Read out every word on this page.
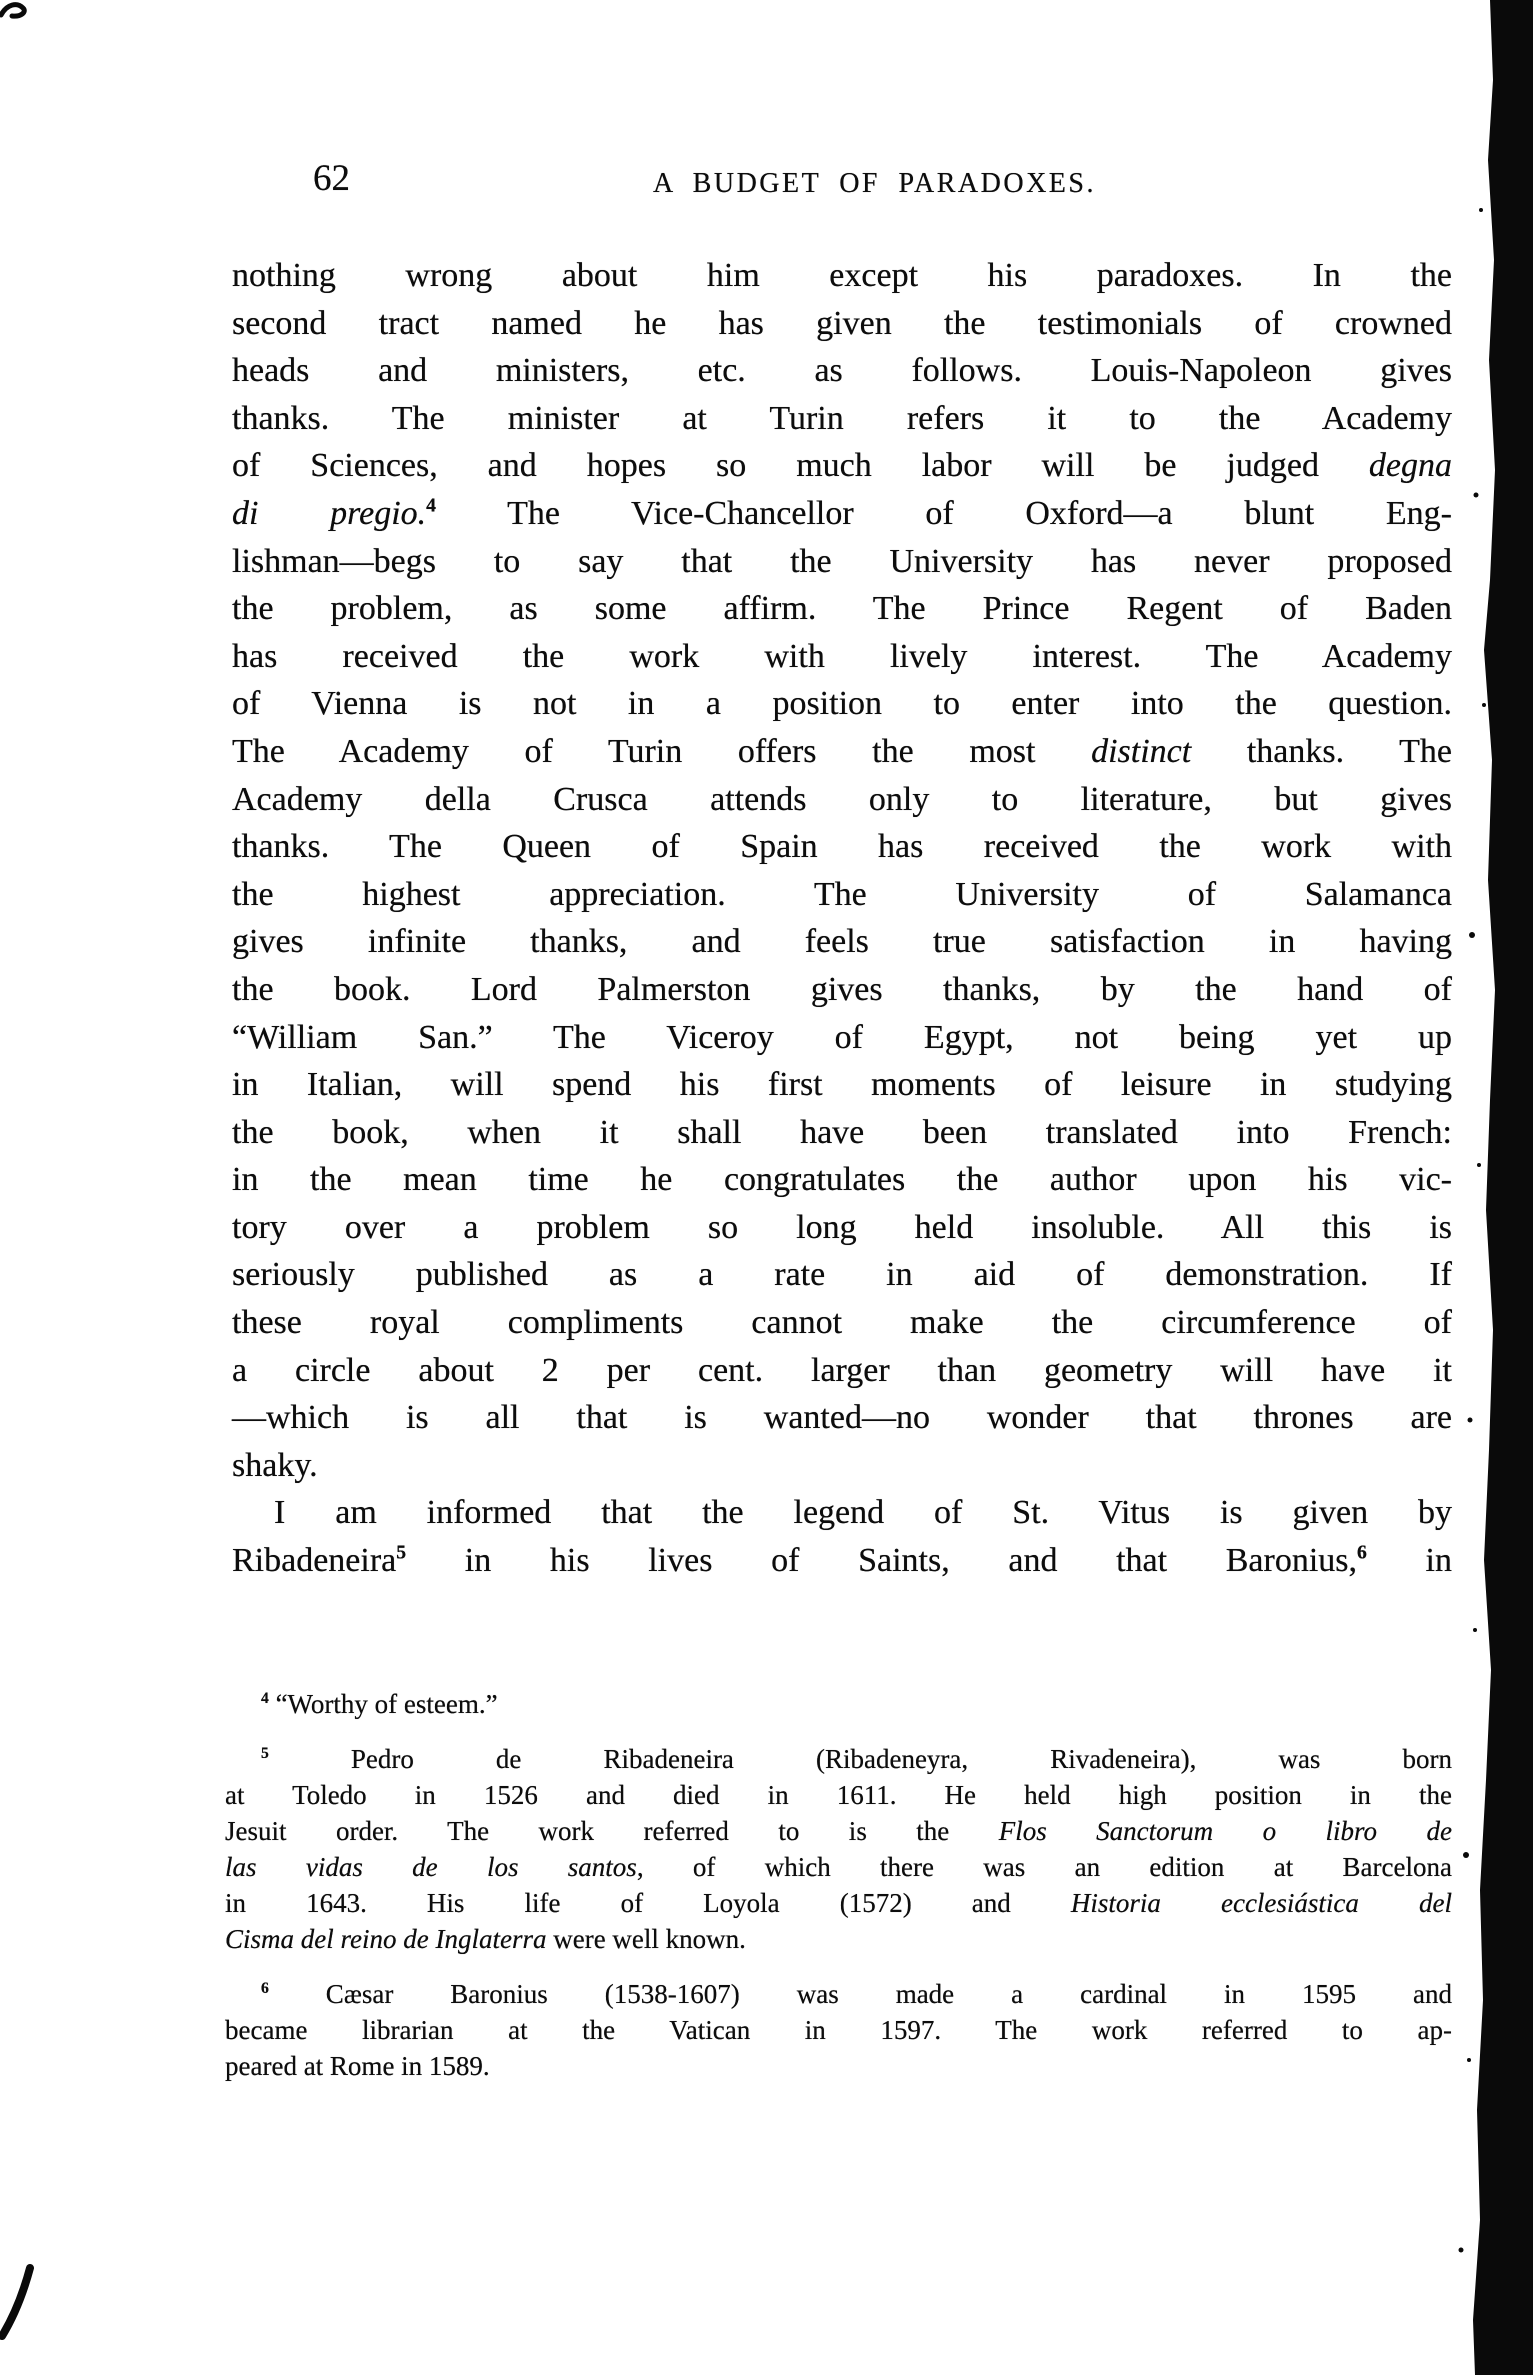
62	A BUDGET OF PARADOXES.
nothing wrong about him except his paradoxes. In the
second tract named he has given the testimonials of crowned
heads and ministers, etc. as follows. Louis-Napoleon gives
thanks. The minister at Turin refers it to the Academy
of Sciences, and hopes so much labor will be judged degna
di pregio.$^4$ The Vice-Chancellor of Oxford—a blunt Eng-
lishman—begs to say that the University has never proposed
the problem, as some affirm. The Prince Regent of Baden
has received the work with lively interest. The Academy
of Vienna is not in a position to enter into the question.
The Academy of Turin offers the most distinct thanks. The
Academy della Crusca attends only to literature, but gives
thanks. The Queen of Spain has received the work with
the highest appreciation. The University of Salamanca
gives infinite thanks, and feels true satisfaction in having
the book. Lord Palmerston gives thanks, by the hand of
“William San.” The Viceroy of Egypt, not being yet up
in Italian, will spend his first moments of leisure in studying
the book, when it shall have been translated into French:
in the mean time he congratulates the author upon his vic-
tory over a problem so long held insoluble. All this is
seriously published as a rate in aid of demonstration. If
these royal compliments cannot make the circumference of
a circle about 2 per cent. larger than geometry will have it
—which is all that is wanted—no wonder that thrones are
shaky.
I am informed that the legend of St. Vitus is given by
Ribadeneira$^5$ in his lives of Saints, and that Baronius,$^6$ in
$^4$ “Worthy of esteem.”
$^5$ Pedro de Ribadeneira (Ribadeneyra, Rivadeneira), was born
at Toledo in 1526 and died in 1611. He held high position in the
Jesuit order. The work referred to is the Flos Sanctorum o libro de
las vidas de los santos, of which there was an edition at Barcelona
in 1643. His life of Loyola (1572) and Historia ecclesiástica del
Cisma del reino de Inglaterra were well known.
$^6$ Cæsar Baronius (1538-1607) was made a cardinal in 1595 and
became librarian at the Vatican in 1597. The work referred to ap-
peared at Rome in 1589.
